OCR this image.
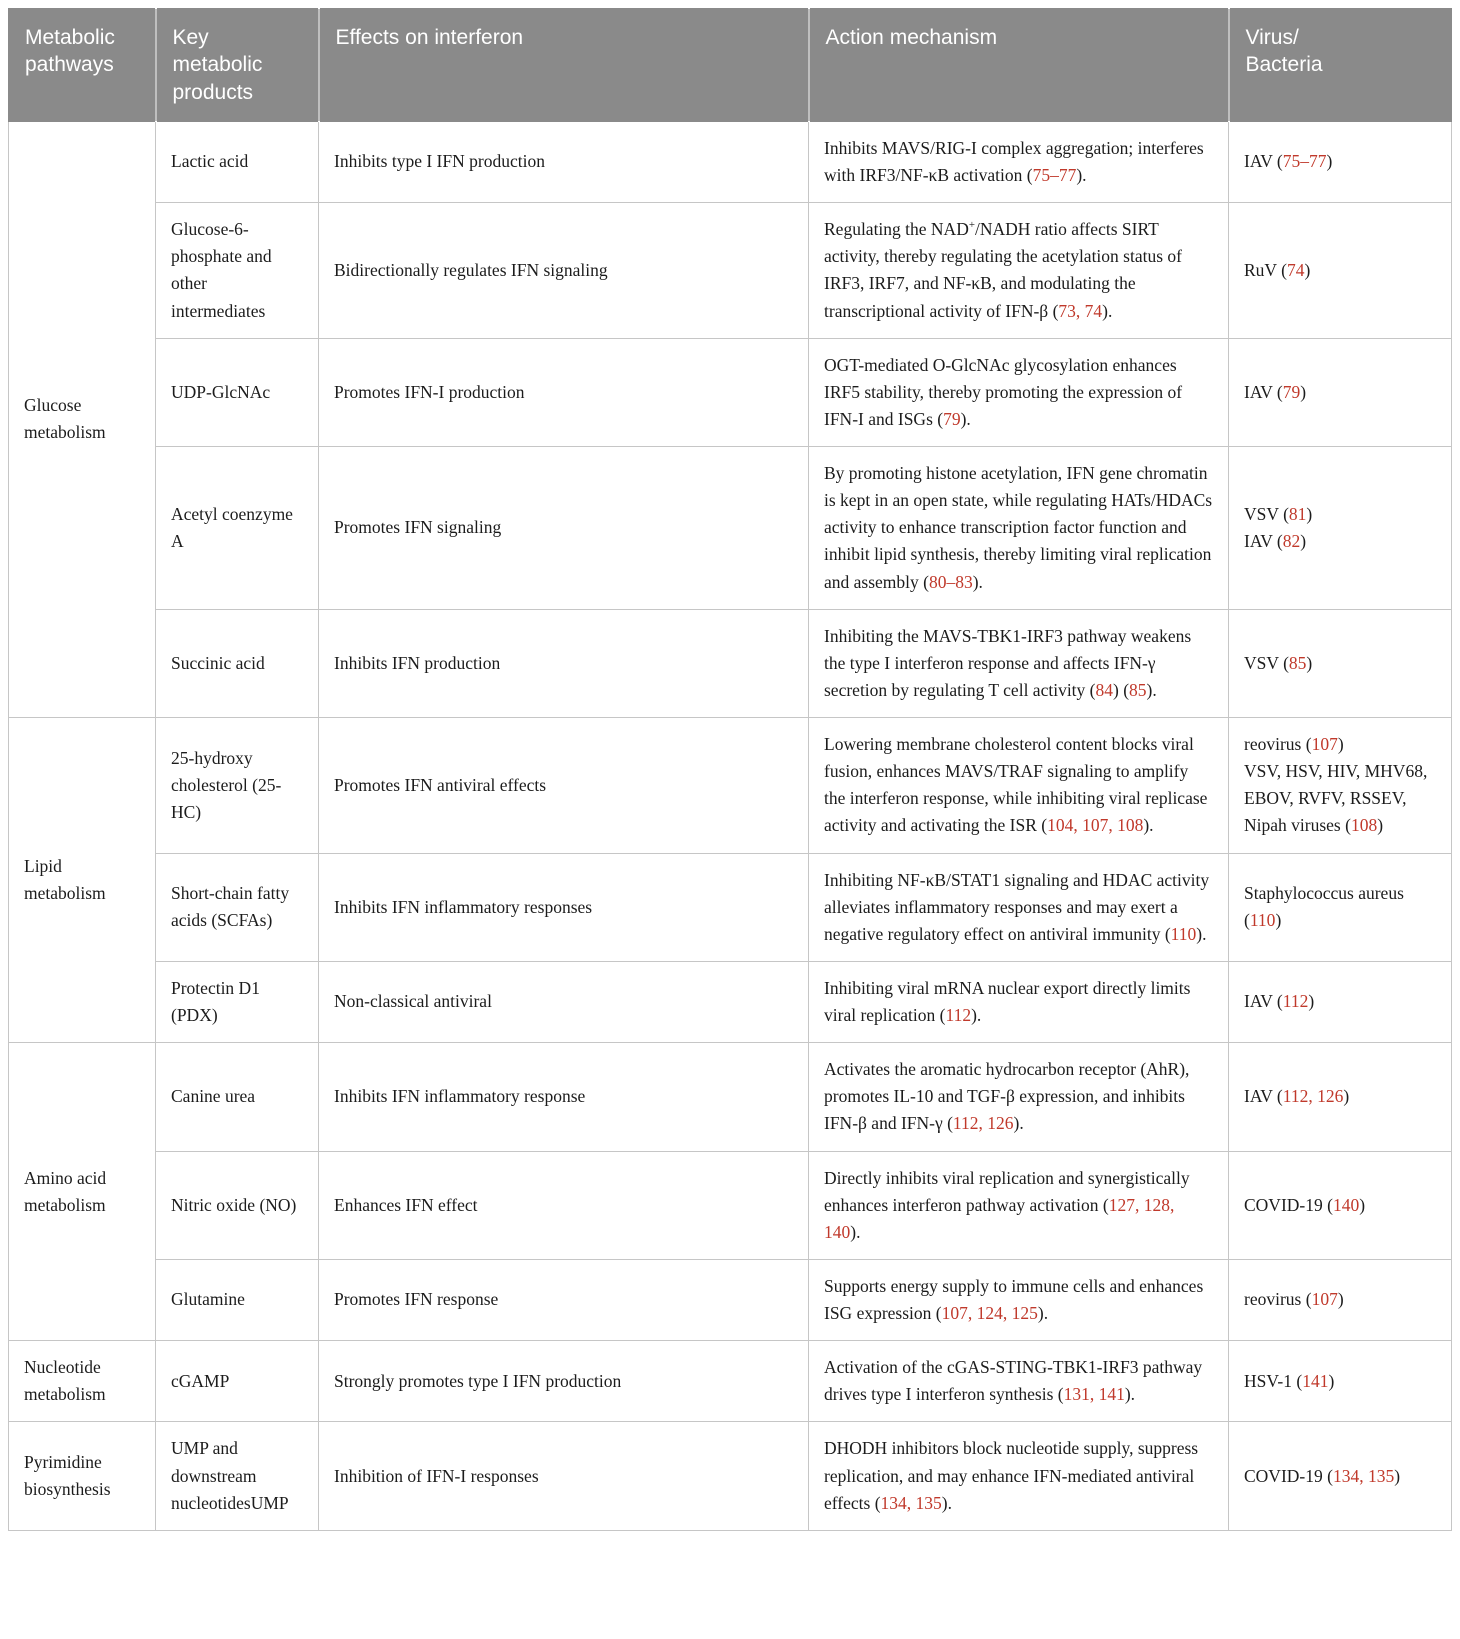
Metabolic
pathways	Key
metabolic
products	Effects on interferon	Action mechanism	Virus/
Bacteria
Glucose metabolism	Lactic acid	Inhibits type I IFN production	Inhibits MAVS/RIG-I complex aggregation; interferes with IRF3/NF-κB activation (75–77).	IAV (75–77)
	Glucose-6-phosphate and other intermediates	Bidirectionally regulates IFN signaling	Regulating the NAD+/NADH ratio affects SIRT activity, thereby regulating the acetylation status of IRF3, IRF7, and NF-κB, and modulating the transcriptional activity of IFN-β (73, 74).	RuV (74)
	UDP-GlcNAc	Promotes IFN-I production	OGT-mediated O-GlcNAc glycosylation enhances IRF5 stability, thereby promoting the expression of IFN-I and ISGs (79).	IAV (79)
	Acetyl coenzyme A	Promotes IFN signaling	By promoting histone acetylation, IFN gene chromatin is kept in an open state, while regulating HATs/HDACs activity to enhance transcription factor function and inhibit lipid synthesis, thereby limiting viral replication and assembly (80–83).	VSV (81)
IAV (82)
	Succinic acid	Inhibits IFN production	Inhibiting the MAVS-TBK1-IRF3 pathway weakens the type I interferon response and affects IFN-γ secretion by regulating T cell activity (84) (85).	VSV (85)
Lipid metabolism	25-hydroxy cholesterol (25-HC)	Promotes IFN antiviral effects	Lowering membrane cholesterol content blocks viral fusion, enhances MAVS/TRAF signaling to amplify the interferon response, while inhibiting viral replicase activity and activating the ISR (104, 107, 108).	reovirus (107)
VSV, HSV, HIV, MHV68, EBOV, RVFV, RSSEV, Nipah viruses (108)
	Short-chain fatty acids (SCFAs)	Inhibits IFN inflammatory responses	Inhibiting NF-κB/STAT1 signaling and HDAC activity alleviates inflammatory responses and may exert a negative regulatory effect on antiviral immunity (110).	Staphylococcus aureus (110)
	Protectin D1 (PDX)	Non-classical antiviral	Inhibiting viral mRNA nuclear export directly limits viral replication (112).	IAV (112)
Amino acid metabolism	Canine urea	Inhibits IFN inflammatory response	Activates the aromatic hydrocarbon receptor (AhR), promotes IL-10 and TGF-β expression, and inhibits IFN-β and IFN-γ (112, 126).	IAV (112, 126)
	Nitric oxide (NO)	Enhances IFN effect	Directly inhibits viral replication and synergistically enhances interferon pathway activation (127, 128, 140).	COVID-19 (140)
	Glutamine	Promotes IFN response	Supports energy supply to immune cells and enhances ISG expression (107, 124, 125).	reovirus (107)
Nucleotide metabolism	cGAMP	Strongly promotes type I IFN production	Activation of the cGAS-STING-TBK1-IRF3 pathway drives type I interferon synthesis (131, 141).	HSV-1 (141)
Pyrimidine biosynthesis	UMP and downstream nucleotidesUMP	Inhibition of IFN-I responses	DHODH inhibitors block nucleotide supply, suppress replication, and may enhance IFN-mediated antiviral effects (134, 135).	COVID-19 (134, 135)
